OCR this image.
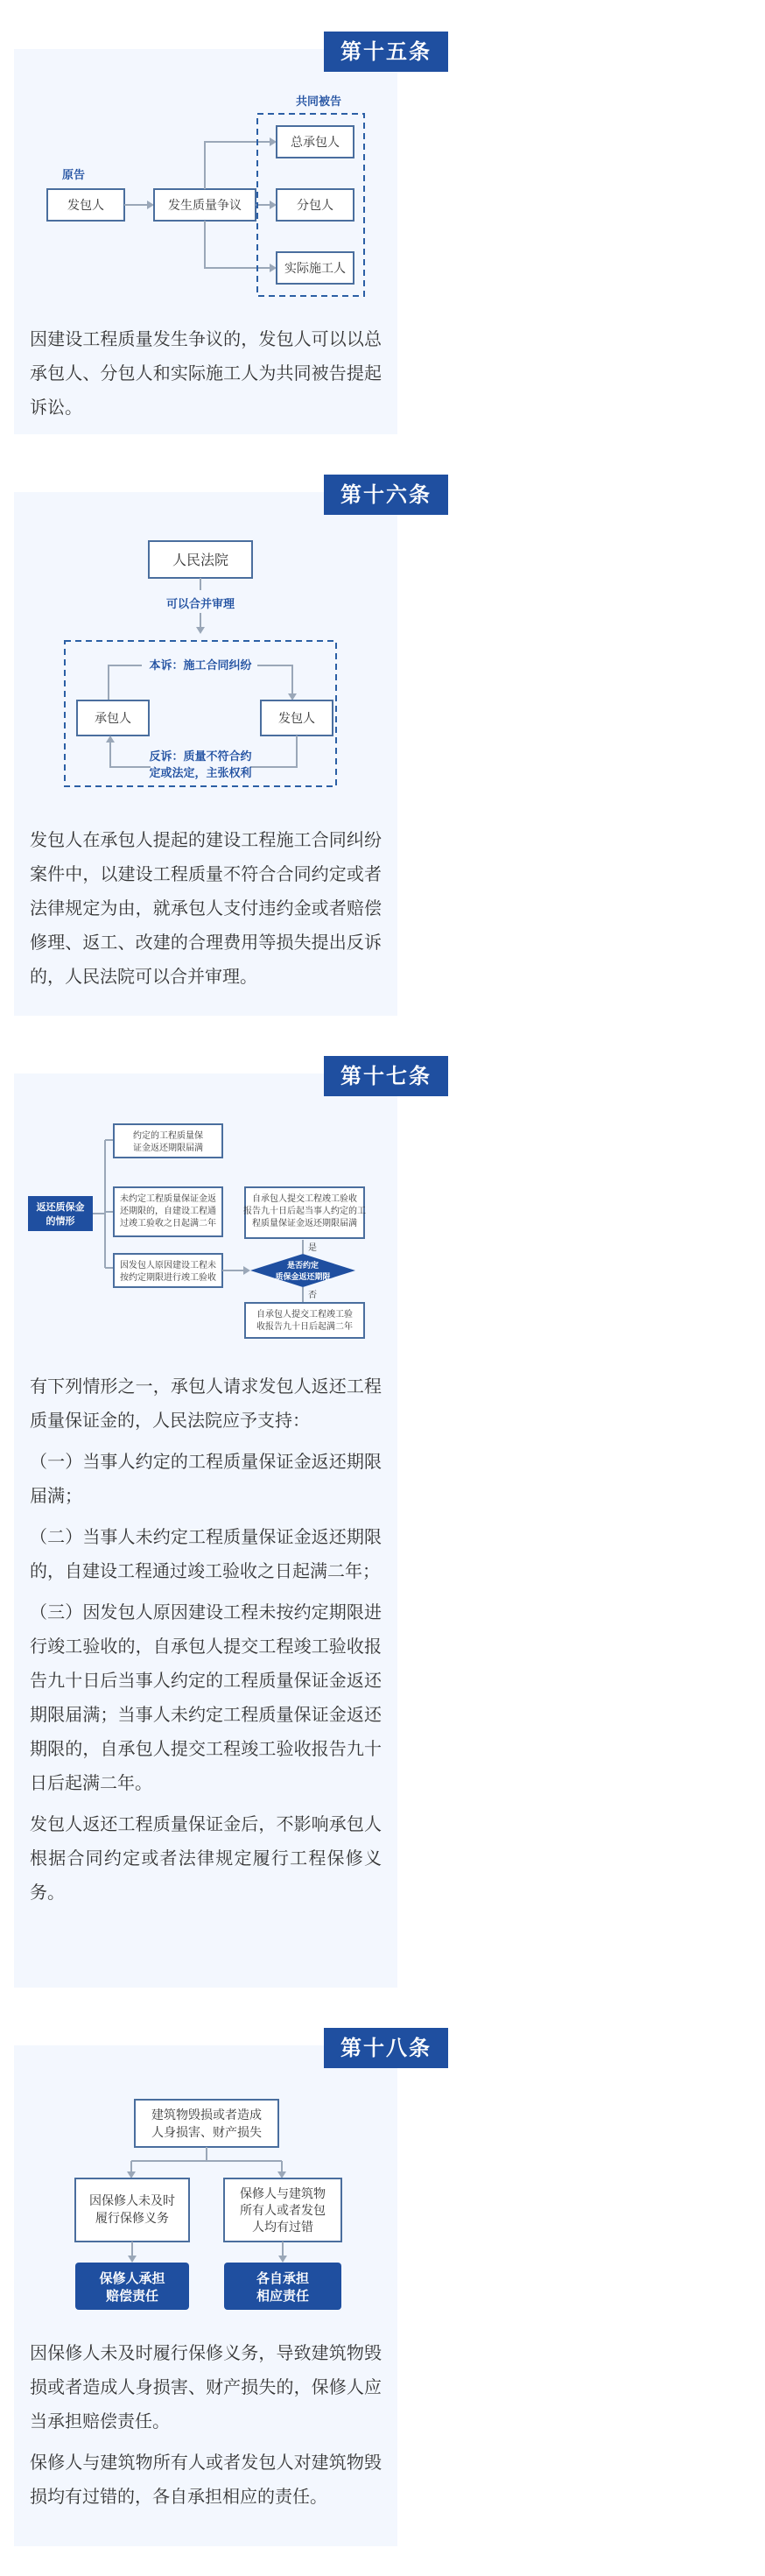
第十五条
原告
发包人	发生质量争议
共同被告
总承包人
分包人
实际施工人
因建设工程质量发生争议的，发包人可以以总承包人、分包人和实际施工人为共同被告提起诉讼。
第十六条
人民法院
可以合并审理
本诉：施工合同纠纷
承包人	发包人
反诉：质量不符合约
定或法定，主张权利
发包人在承包人提起的建设工程施工合同纠纷案件中，以建设工程质量不符合合同约定或者法律规定为由，就承包人支付违约金或者赔偿修理、返工、改建的合理费用等损失提出反诉的，人民法院可以合并审理。
第十七条
返还质保金
的情形
约定的工程质量保
证金返还期限届满
未约定工程质量保证金返
还期限的，自建设工程通
过竣工验收之日起满二年
因发包人原因建设工程未
按约定期限进行竣工验收
是否约定
质保金返还期限
是
自承包人提交工程竣工验收
报告九十日后起当事人约定的工
程质量保证金返还期限届满
否
自承包人提交工程竣工验
收报告九十日后起满二年

有下列情形之一，承包人请求发包人返还工程质量保证金的，人民法院应予支持：

（一）当事人约定的工程质量保证金返还期限届满；

（二）当事人未约定工程质量保证金返还期限的，自建设工程通过竣工验收之日起满二年；

（三）因发包人原因建设工程未按约定期限进行竣工验收的，自承包人提交工程竣工验收报告九十日后当事人约定的工程质量保证金返还期限届满；当事人未约定工程质量保证金返还期限的，自承包人提交工程竣工验收报告九十日后起满二年。

发包人返还工程质量保证金后，不影响承包人根据合同约定或者法律规定履行工程保修义务。

第十八条
建筑物毁损或者造成
人身损害、财产损失
因保修人未及时
履行保修义务
保修人与建筑物
所有人或者发包
人均有过错
保修人承担
赔偿责任
各自承担
相应责任

因保修人未及时履行保修义务，导致建筑物毁损或者造成人身损害、财产损失的，保修人应当承担赔偿责任。

保修人与建筑物所有人或者发包人对建筑物毁损均有过错的，各自承担相应的责任。
